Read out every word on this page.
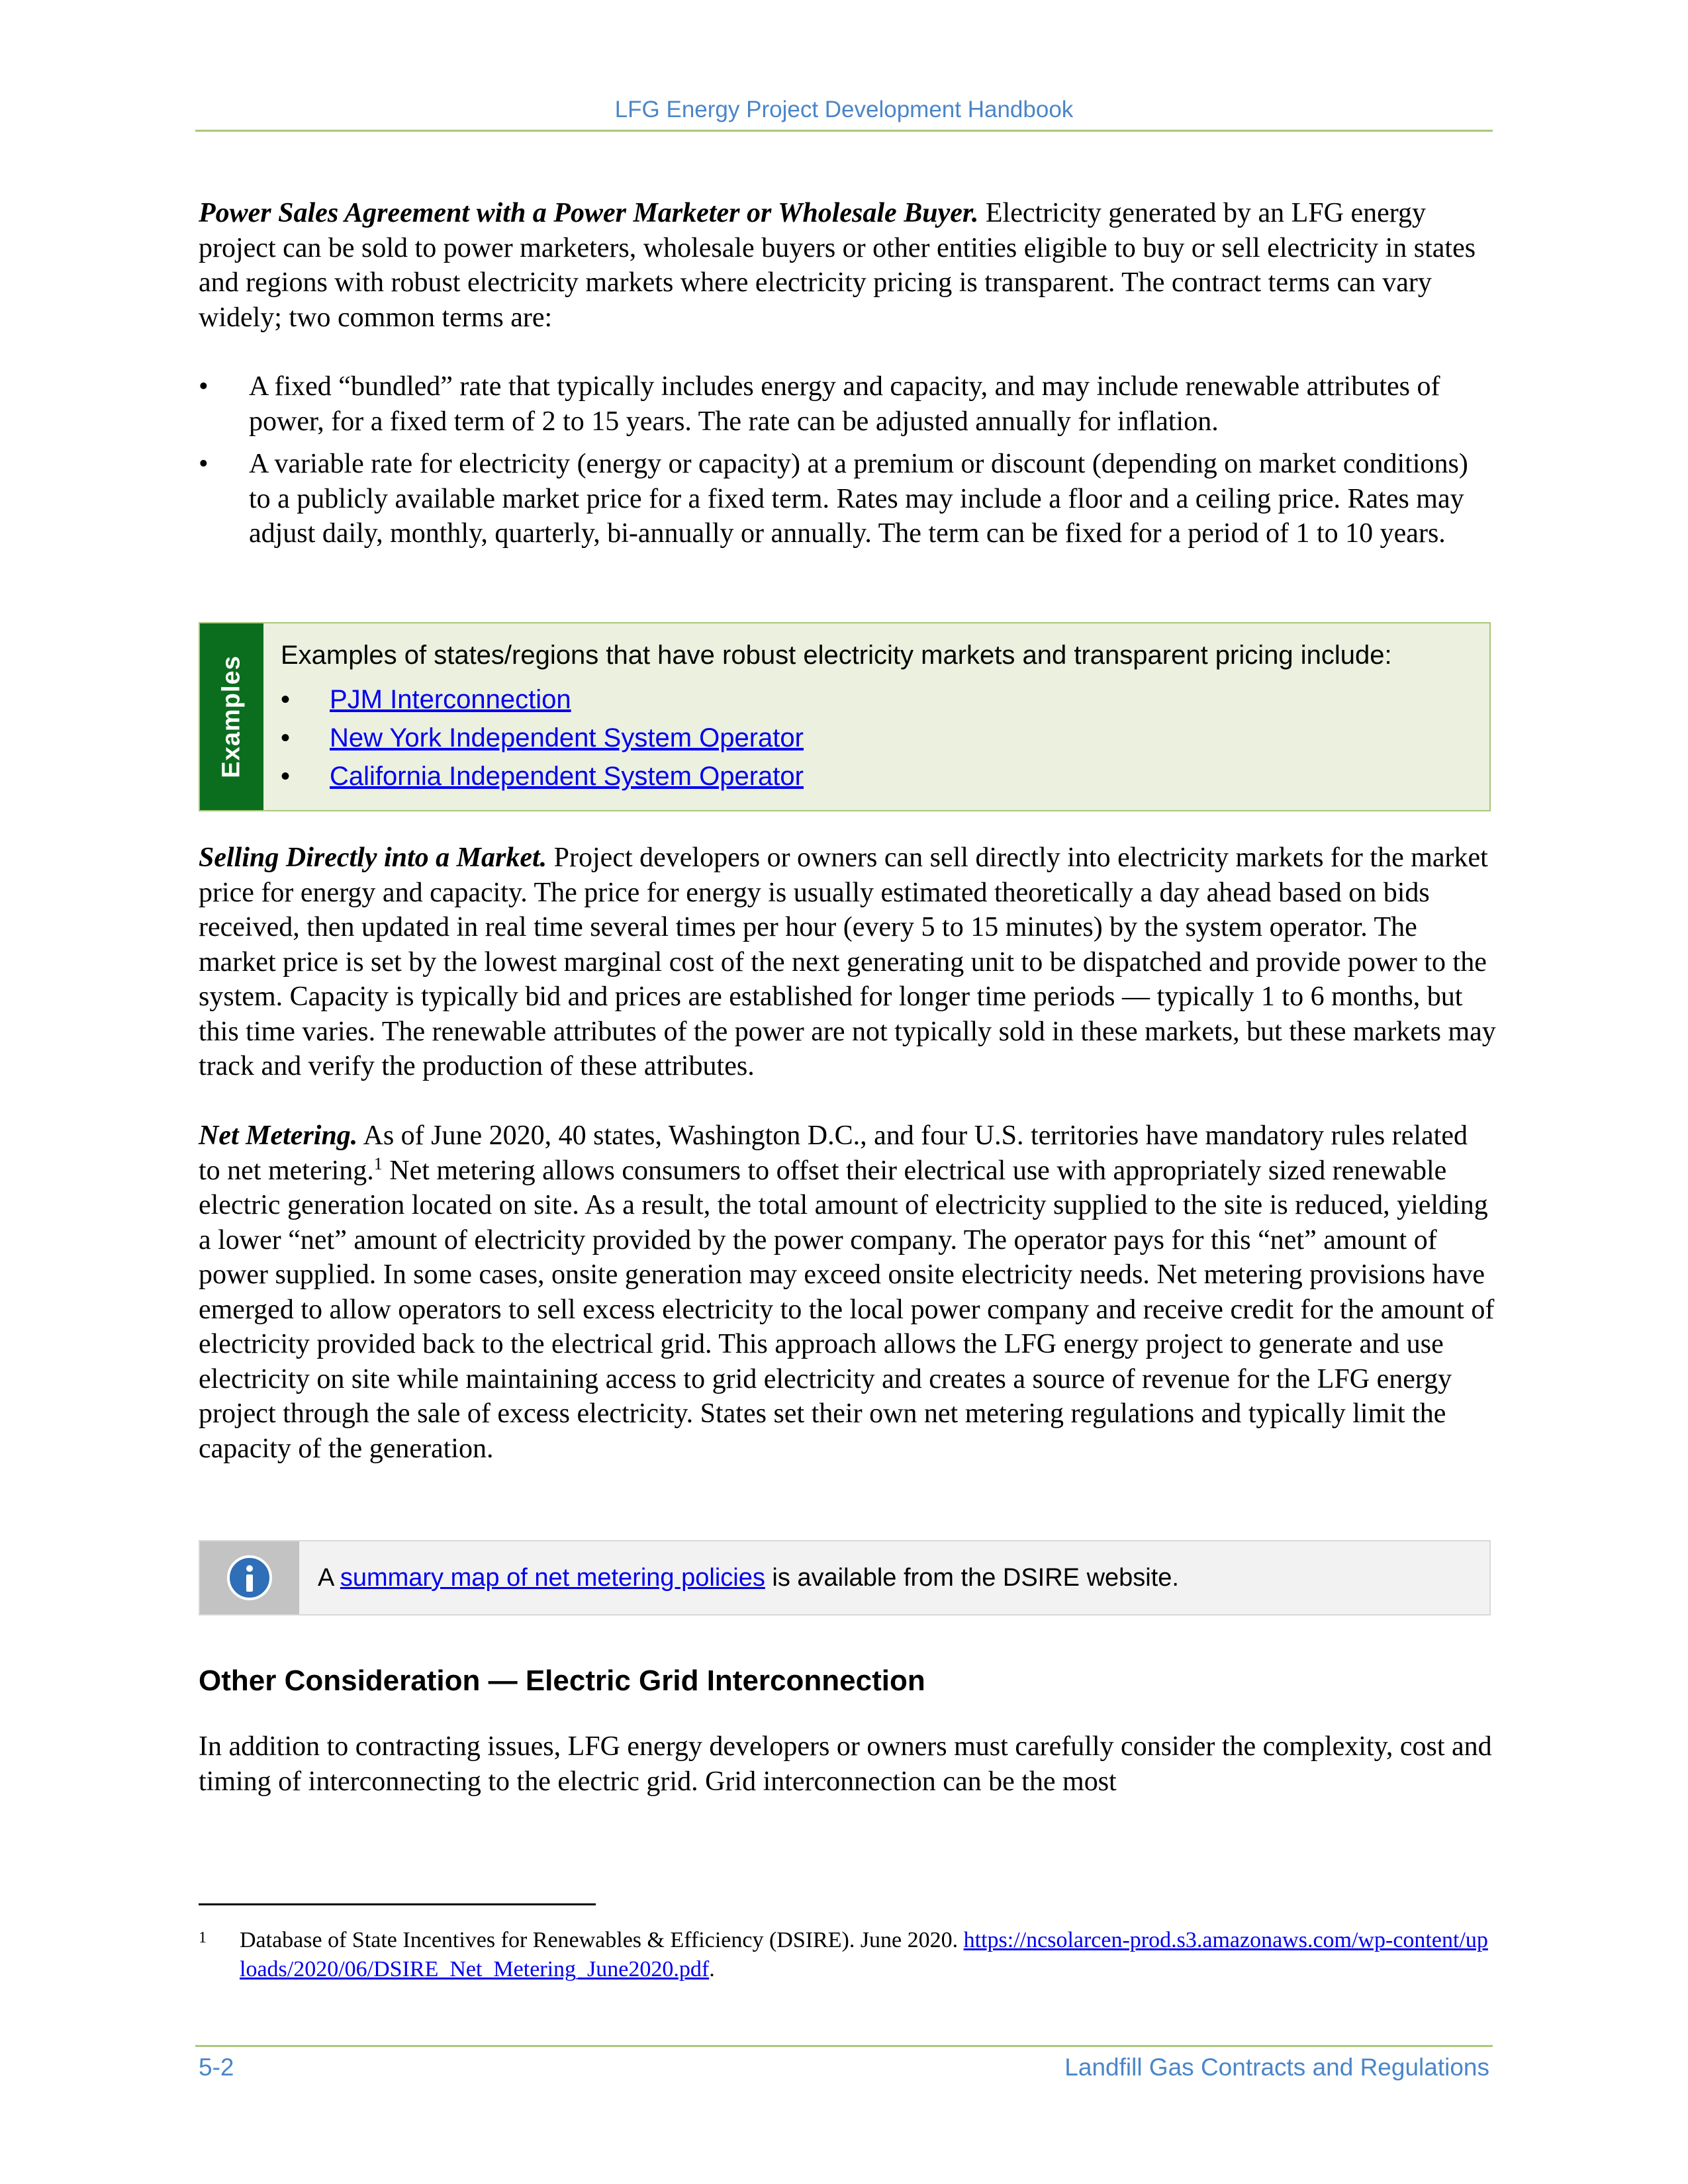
LFG Energy Project Development Handbook

Power Sales Agreement with a Power Marketer or Wholesale Buyer. Electricity generated by an LFG energy project can be sold to power marketers, wholesale buyers or other entities eligible to buy or sell electricity in states and regions with robust electricity markets where electricity pricing is transparent. The contract terms can vary widely; two common terms are:

• A fixed “bundled” rate that typically includes energy and capacity, and may include renewable attributes of power, for a fixed term of 2 to 15 years. The rate can be adjusted annually for inflation.
• A variable rate for electricity (energy or capacity) at a premium or discount (depending on market conditions) to a publicly available market price for a fixed term. Rates may include a floor and a ceiling price. Rates may adjust daily, monthly, quarterly, bi-annually or annually. The term can be fixed for a period of 1 to 10 years.
Examples
Examples of states/regions that have robust electricity markets and transparent pricing include:
• PJM Interconnection
• New York Independent System Operator
• California Independent System Operator

Selling Directly into a Market. Project developers or owners can sell directly into electricity markets for the market price for energy and capacity. The price for energy is usually estimated theoretically a day ahead based on bids received, then updated in real time several times per hour (every 5 to 15 minutes) by the system operator. The market price is set by the lowest marginal cost of the next generating unit to be dispatched and provide power to the system. Capacity is typically bid and prices are established for longer time periods — typically 1 to 6 months, but this time varies. The renewable attributes of the power are not typically sold in these markets, but these markets may track and verify the production of these attributes.

Net Metering. As of June 2020, 40 states, Washington D.C., and four U.S. territories have mandatory rules related to net metering.$^1$ Net metering allows consumers to offset their electrical use with appropriately sized renewable electric generation located on site. As a result, the total amount of electricity supplied to the site is reduced, yielding a lower “net” amount of electricity provided by the power company. The operator pays for this “net” amount of power supplied. In some cases, onsite generation may exceed onsite electricity needs. Net metering provisions have emerged to allow operators to sell excess electricity to the local power company and receive credit for the amount of electricity provided back to the electrical grid. This approach allows the LFG energy project to generate and use electricity on site while maintaining access to grid electricity and creates a source of revenue for the LFG energy project through the sale of excess electricity. States set their own net metering regulations and typically limit the capacity of the generation.

A summary map of net metering policies is available from the DSIRE website.
Other Consideration — Electric Grid Interconnection

In addition to contracting issues, LFG energy developers or owners must carefully consider the complexity, cost and timing of interconnecting to the electric grid. Grid interconnection can be the most

1	Database of State Incentives for Renewables & Efficiency (DSIRE). June 2020. https://ncsolarcen-prod.s3.amazonaws.com/wp-content/uploads/2020/06/DSIRE_Net_Metering_June2020.pdf.
5-2	Landfill Gas Contracts and Regulations
